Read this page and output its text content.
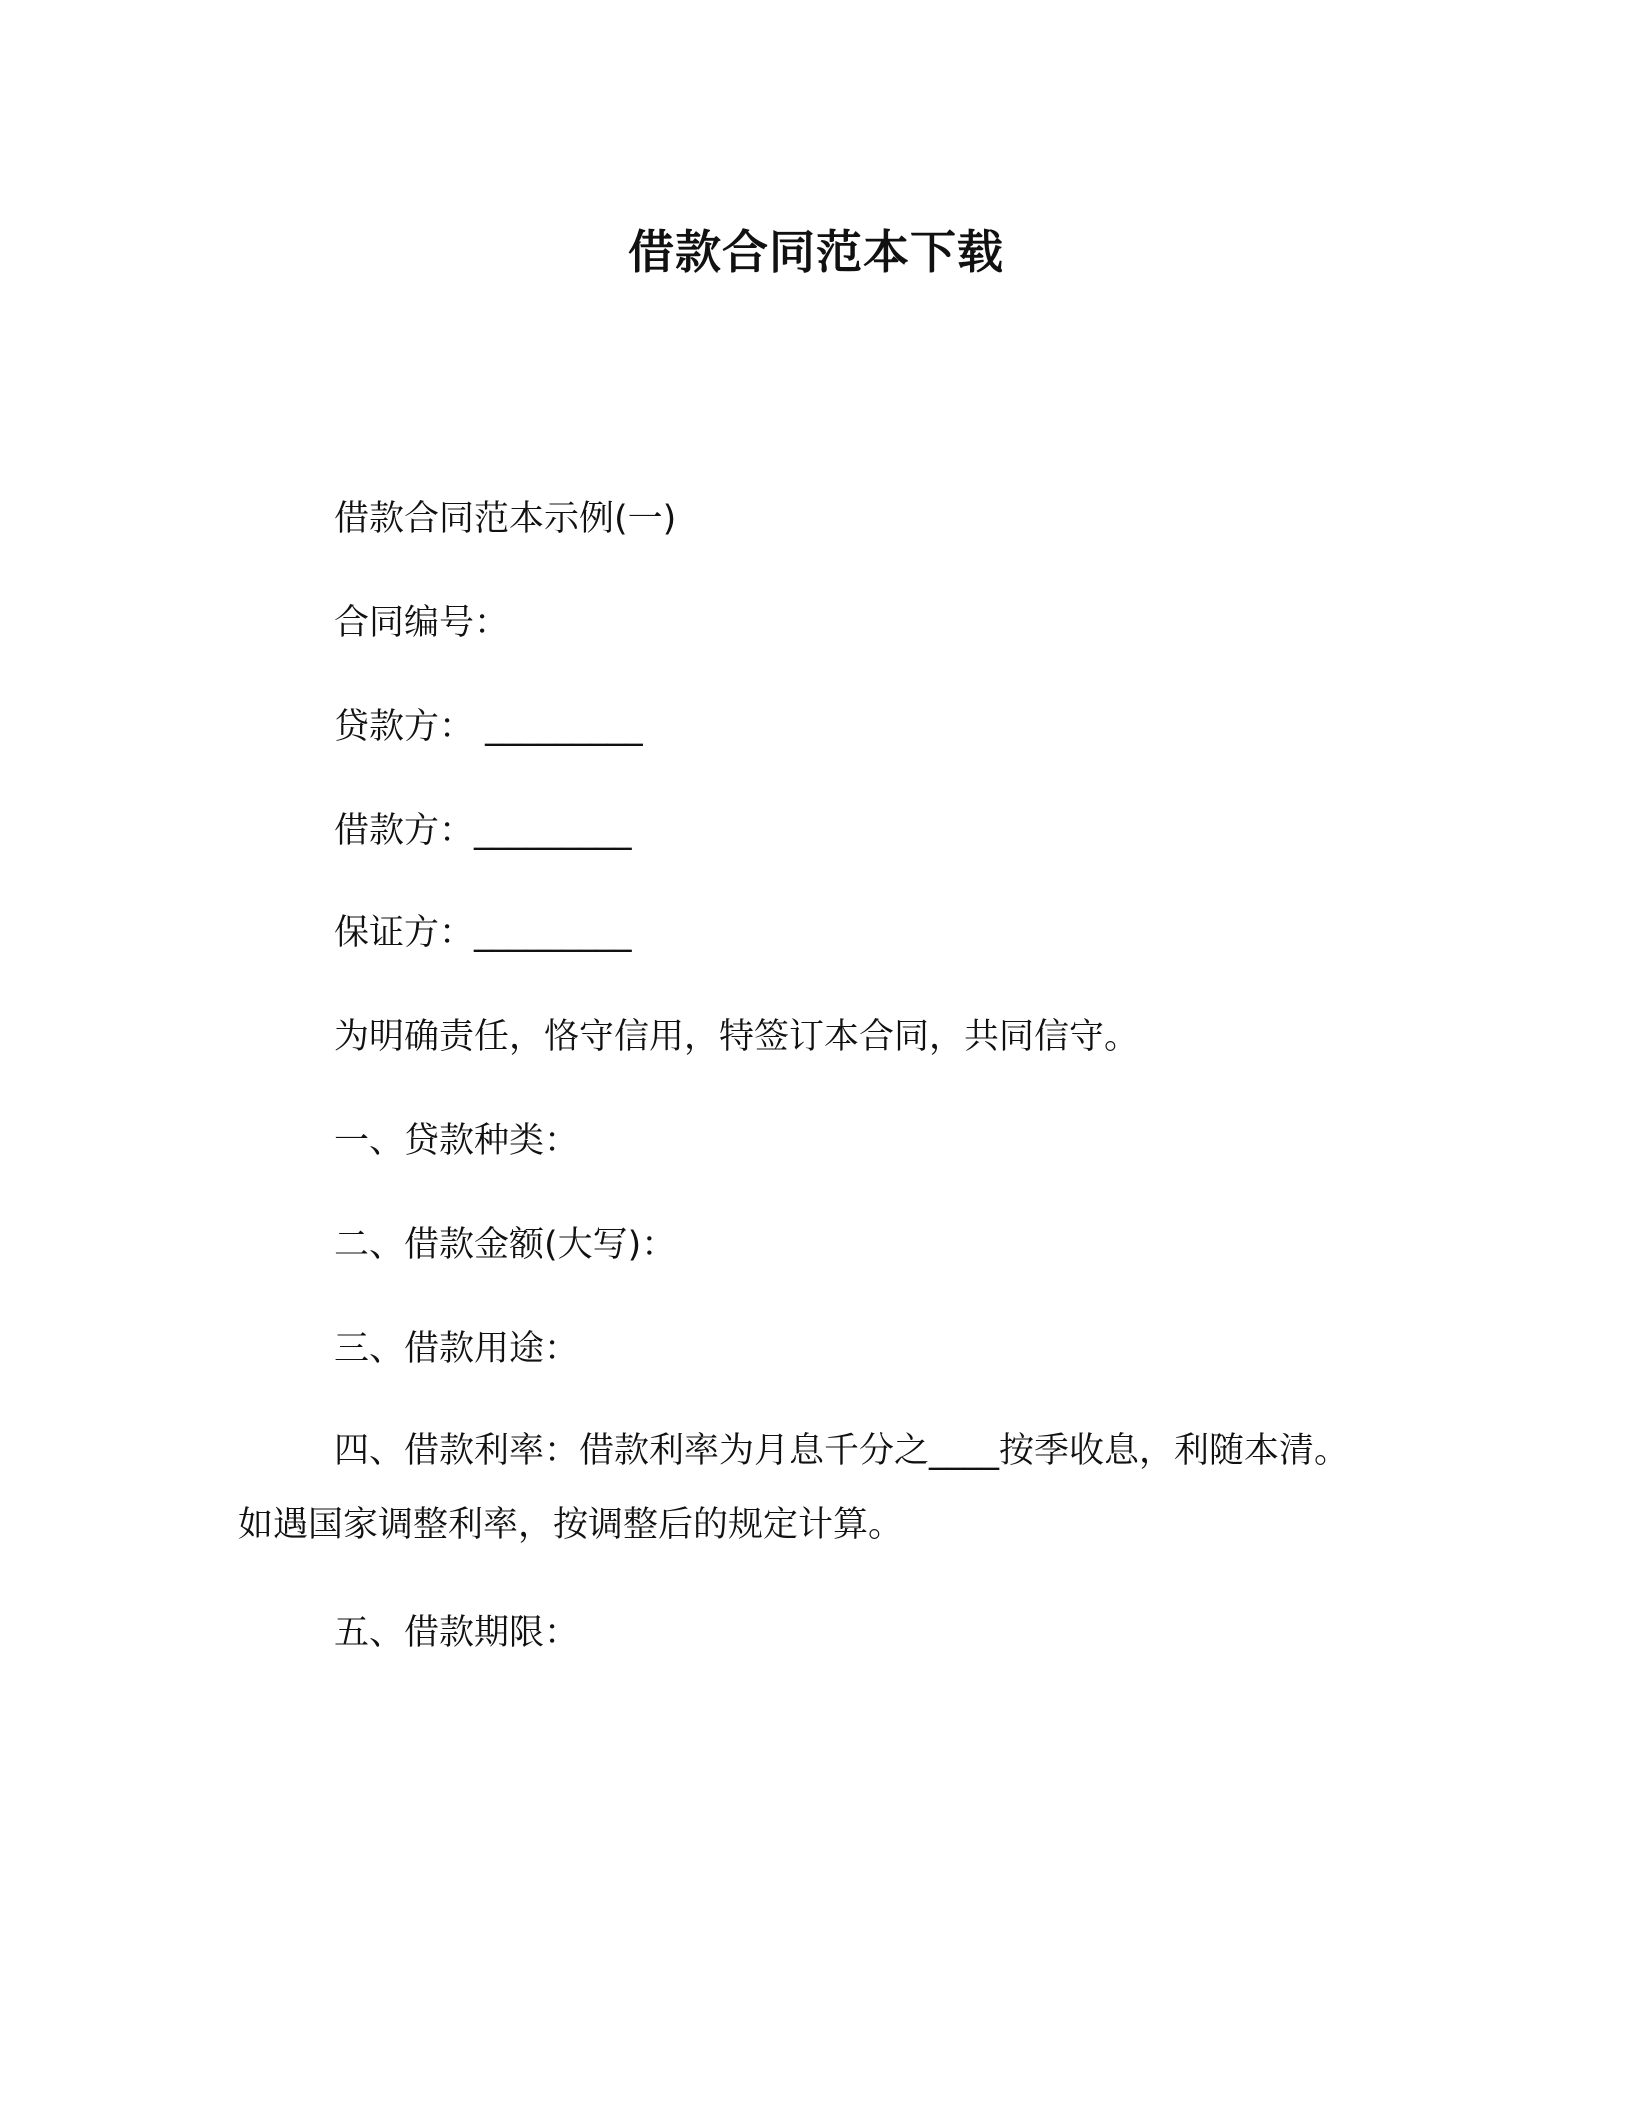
借款合同范本下载
借款合同范本示例(一)
合同编号：
贷款方： _________
借款方：_________
保证方：_________
为明确责任，恪守信用，特签订本合同，共同信守。
一、贷款种类：
二、借款金额(大写)：
三、借款用途：
四、借款利率：借款利率为月息千分之____按季收息，利随本清。
如遇国家调整利率，按调整后的规定计算。
五、借款期限：
